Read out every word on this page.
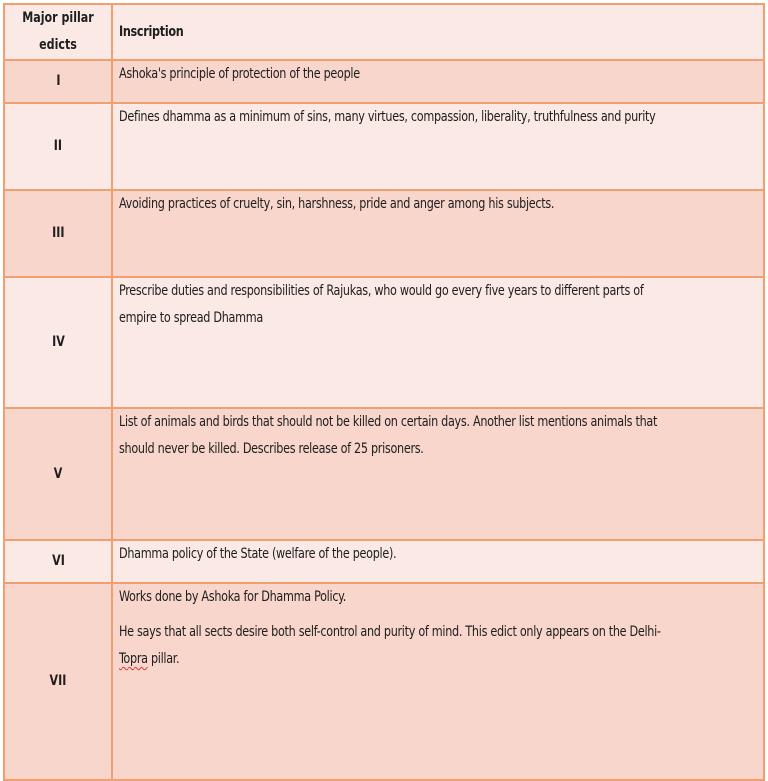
Major pillar edicts	Inscription

I	Ashoka's principle of protection of the people

II	Defines dhamma as a minimum of sins, many virtues, compassion, liberality, truthfulness and purity

III	Avoiding practices of cruelty, sin, harshness, pride and anger among his subjects.

IV	Prescribe duties and responsibilities of Rajukas, who would go every five years to different parts of empire to spread Dhamma

V	List of animals and birds that should not be killed on certain days. Another list mentions animals that should never be killed. Describes release of 25 prisoners.

VI	Dhamma policy of the State (welfare of the people).

VII	Works done by Ashoka for Dhamma Policy.
He says that all sects desire both self-control and purity of mind. This edict only appears on the Delhi-Topra pillar.
